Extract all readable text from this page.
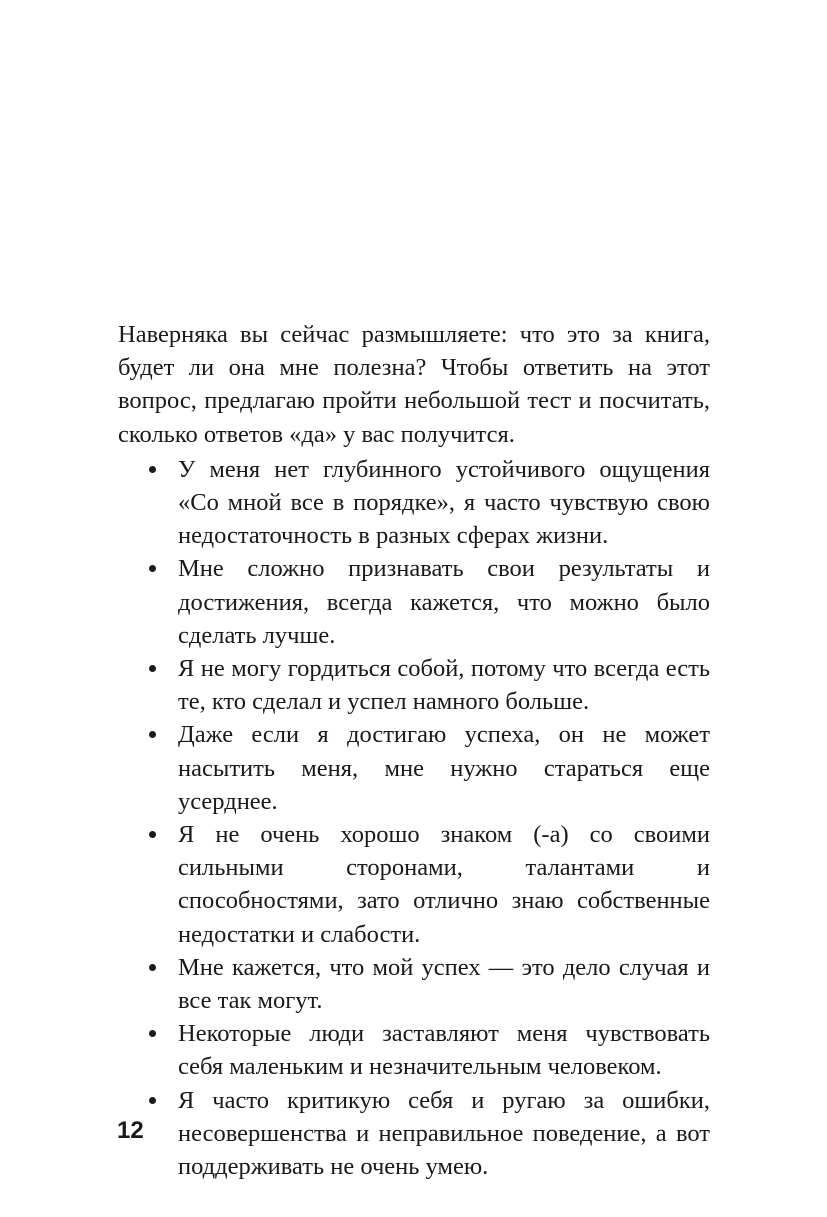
Наверняка вы сейчас размышляете: что это за книга, будет ли она мне полезна? Чтобы ответить на этот вопрос, предлагаю пройти небольшой тест и посчитать, сколько ответов «да» у вас получится.

У меня нет глубинного устойчивого ощущения «Со мной все в порядке», я часто чувствую свою недостаточность в разных сферах жизни.
Мне сложно признавать свои результаты и достижения, всегда кажется, что можно было сделать лучше.
Я не могу гордиться собой, потому что всегда есть те, кто сделал и успел намного больше.
Даже если я достигаю успеха, он не может насытить меня, мне нужно стараться еще усерднее.
Я не очень хорошо знаком (-а) со своими сильными сторонами, талантами и способностями, зато отлично знаю собственные недостатки и слабости.
Мне кажется, что мой успех — это дело случая и все так могут.
Некоторые люди заставляют меня чувствовать себя маленьким и незначительным человеком.
Я часто критикую себя и ругаю за ошибки, несовершенства и неправильное поведение, а вот поддерживать не очень умею.
12
